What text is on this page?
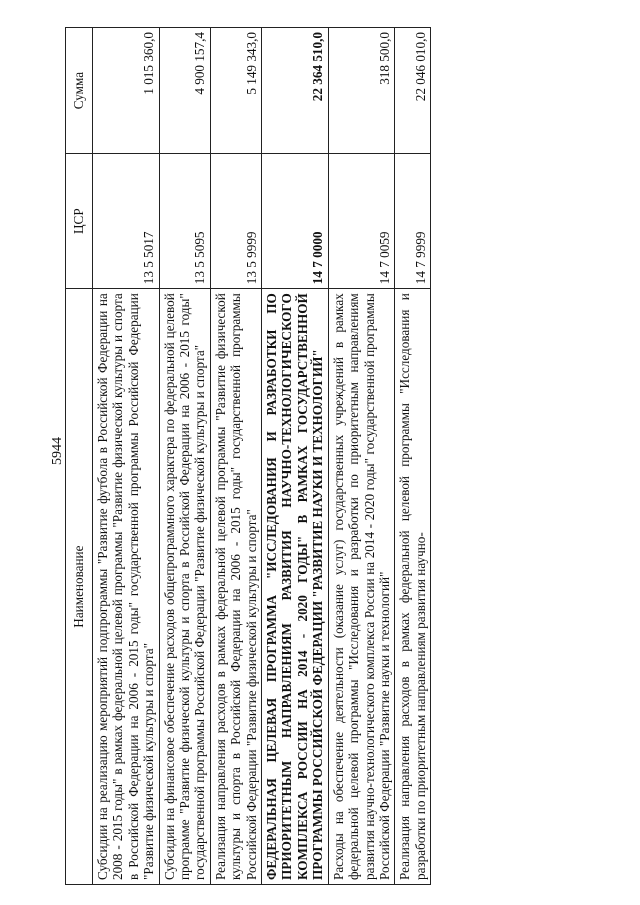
5944
Наименование	ЦСР	Сумма
Субсидии на реализацию мероприятий подпрограммы "Развитие футбола в Российской Федерации на 2008 - 2015 годы" в рамках федеральной целевой программы "Развитие физической культуры и спорта в Российской Федерации на 2006 - 2015 годы" государственной программы Российской Федерации "Развитие физической культуры и спорта"	13 5 5017	1 015 360,0
Субсидии на финансовое обеспечение расходов общепрограммного характера по федеральной целевой программе "Развитие физической культуры и спорта в Российской Федерации на 2006 - 2015 годы" государственной программы Российской Федерации "Развитие физической культуры и спорта"	13 5 5095	4 900 157,4
Реализация направления расходов в рамках федеральной целевой программы "Развитие физической культуры и спорта в Российской Федерации на 2006 - 2015 годы" государственной программы Российской Федерации "Развитие физической культуры и спорта"	13 5 9999	5 149 343,0
ФЕДЕРАЛЬНАЯ ЦЕЛЕВАЯ ПРОГРАММА "ИССЛЕДОВАНИЯ И РАЗРАБОТКИ ПО ПРИОРИТЕТНЫМ НАПРАВЛЕНИЯМ РАЗВИТИЯ НАУЧНО-ТЕХНОЛОГИЧЕСКОГО КОМПЛЕКСА РОССИИ НА 2014 - 2020 ГОДЫ" В РАМКАХ ГОСУДАРСТВЕННОЙ ПРОГРАММЫ РОССИЙСКОЙ ФЕДЕРАЦИИ "РАЗВИТИЕ НАУКИ И ТЕХНОЛОГИЙ"	14 7 0000	22 364 510,0
Расходы на обеспечение деятельности (оказание услуг) государственных учреждений в рамках федеральной целевой программы "Исследования и разработки по приоритетным направлениям развития научно-технологического комплекса России на 2014 - 2020 годы" государственной программы Российской Федерации "Развитие науки и технологий"	14 7 0059	318 500,0
Реализация направления расходов в рамках федеральной целевой программы "Исследования и разработки по приоритетным направлениям развития научно-	14 7 9999	22 046 010,0
